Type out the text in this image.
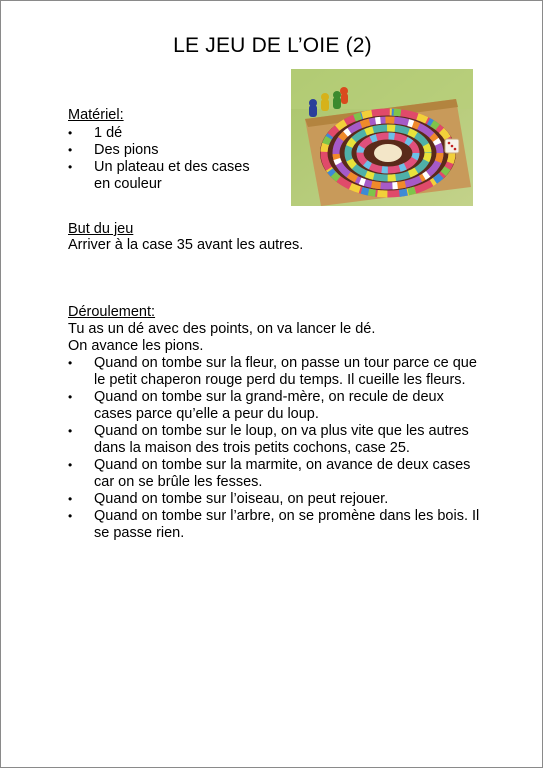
LE JEU DE L’OIE (2)
Matériel:
•	1 dé
•	Des pions
•	Un plateau et des cases en couleur
But du jeu
Arriver à la case 35 avant les autres.
Déroulement:
Tu as un dé avec des points, on va lancer le dé.
On avance les pions.
•	Quand on tombe sur la fleur, on passe un tour parce ce que le petit chaperon rouge perd du temps. Il cueille les fleurs.
•	Quand on tombe sur la grand-mère, on recule de deux cases parce qu’elle a peur du loup.
•	Quand on tombe sur le loup, on va plus vite que les autres dans la maison des trois petits cochons, case 25.
•	Quand on tombe sur la marmite, on avance de deux cases car on se brûle les fesses.
•	Quand on tombe sur l’oiseau, on peut rejouer.
•	Quand on tombe sur l’arbre, on se promène dans les bois. Il se passe rien.
